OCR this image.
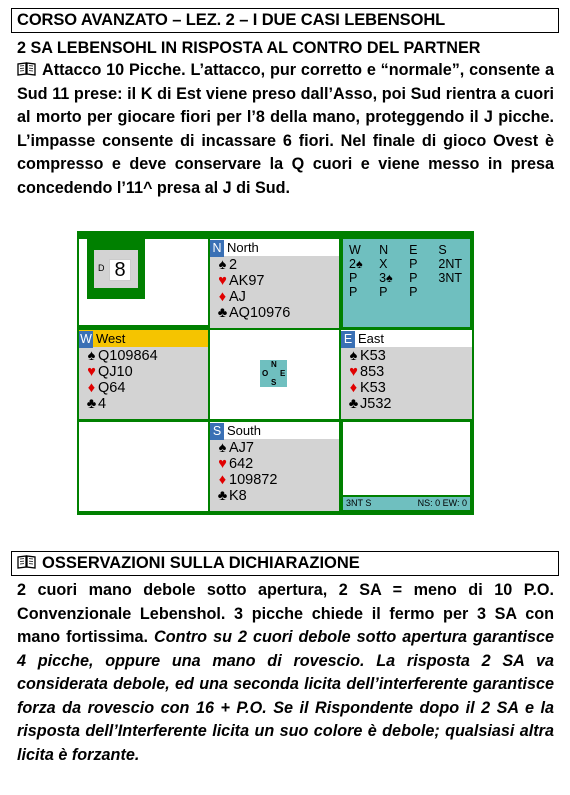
CORSO AVANZATO – LEZ. 2 – I DUE CASI LEBENSOHL
2 SA LEBENSOHL IN RISPOSTA AL CONTRO DEL PARTNER
Attacco 10 Picche. L’attacco, pur corretto e “normale”, consente a Sud 11 prese: il K di Est viene preso dall’Asso, poi Sud rientra a cuori al morto per giocare fiori per l’8 della mano, proteggendo il J picche. L’impasse consente di incassare 6 fiori. Nel finale di gioco Ovest è compresso e deve conservare la Q cuori e viene messo in presa concedendo l’11^ presa al J di Sud.
D 8
N North
♠ 2
♥ AK97
♦ AJ
♣ AQ10976
W	N	E	S
2♠	X	P	2NT
P	3♠	P	3NT
P	P	P	
W West
♠ Q109864
♥ QJ10
♦ Q64
♣ 4
N
O E
S
E East
♠ K53
♥ 853
♦ K53
♣ J532
S South
♠ AJ7
♥ 642
♦ 109872
♣ K8	3NT S	NS: 0 EW: 0
OSSERVAZIONI SULLA DICHIARAZIONE
2 cuori mano debole sotto apertura, 2 SA = meno di 10 P.O. Convenzionale Lebenshol. 3 picche chiede il fermo per 3 SA con mano fortissima. Contro su 2 cuori debole sotto apertura garantisce 4 picche, oppure una mano di rovescio. La risposta 2 SA va considerata debole, ed una seconda licita dell’interferente garantisce forza da rovescio con 16 + P.O. Se il Rispondente dopo il 2 SA e la risposta dell’Interferente licita un suo colore è debole; qualsiasi altra licita è forzante.
